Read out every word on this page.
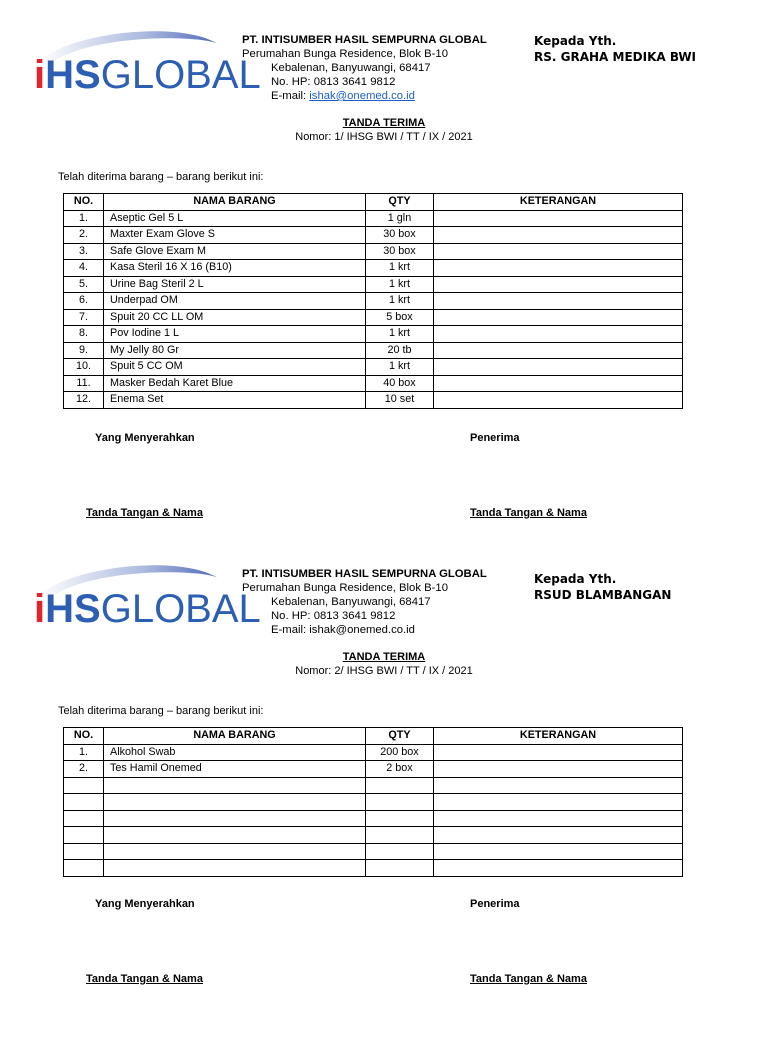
iHSGLOBAL
PT. INTISUMBER HASIL SEMPURNA GLOBAL
Perumahan Bunga Residence, Blok B-10
Kebalenan, Banyuwangi, 68417
No. HP: 0813 3641 9812
E-mail: ishak@onemed.co.id
Kepada Yth.
RS. GRAHA MEDIKA BWI
TANDA TERIMA
Nomor: 1/ IHSG BWI / TT / IX / 2021
Telah diterima barang – barang berikut ini:
NO.	NAMA BARANG	QTY	KETERANGAN
1.	Aseptic Gel 5 L	1 gln	
2.	Maxter Exam Glove S	30 box	
3.	Safe Glove Exam M	30 box	
4.	Kasa Steril 16 X 16 (B10)	1 krt	
5.	Urine Bag Steril 2 L	1 krt	
6.	Underpad OM	1 krt	
7.	Spuit 20 CC LL OM	5 box	
8.	Pov Iodine 1 L	1 krt	
9.	My Jelly 80 Gr	20 tb	
10.	Spuit 5 CC OM	1 krt	
11.	Masker Bedah Karet Blue	40 box	
12.	Enema Set	10 set	
Yang Menyerahkan	Penerima
Tanda Tangan & Nama	Tanda Tangan & Nama
iHSGLOBAL
PT. INTISUMBER HASIL SEMPURNA GLOBAL
Perumahan Bunga Residence, Blok B-10
Kebalenan, Banyuwangi, 68417
No. HP: 0813 3641 9812
E-mail: ishak@onemed.co.id
Kepada Yth.
RSUD BLAMBANGAN
TANDA TERIMA
Nomor: 2/ IHSG BWI / TT / IX / 2021
Telah diterima barang – barang berikut ini:
NO.	NAMA BARANG	QTY	KETERANGAN
1.	Alkohol Swab	200 box	
2.	Tes Hamil Onemed	2 box	

Yang Menyerahkan	Penerima
Tanda Tangan & Nama	Tanda Tangan & Nama
